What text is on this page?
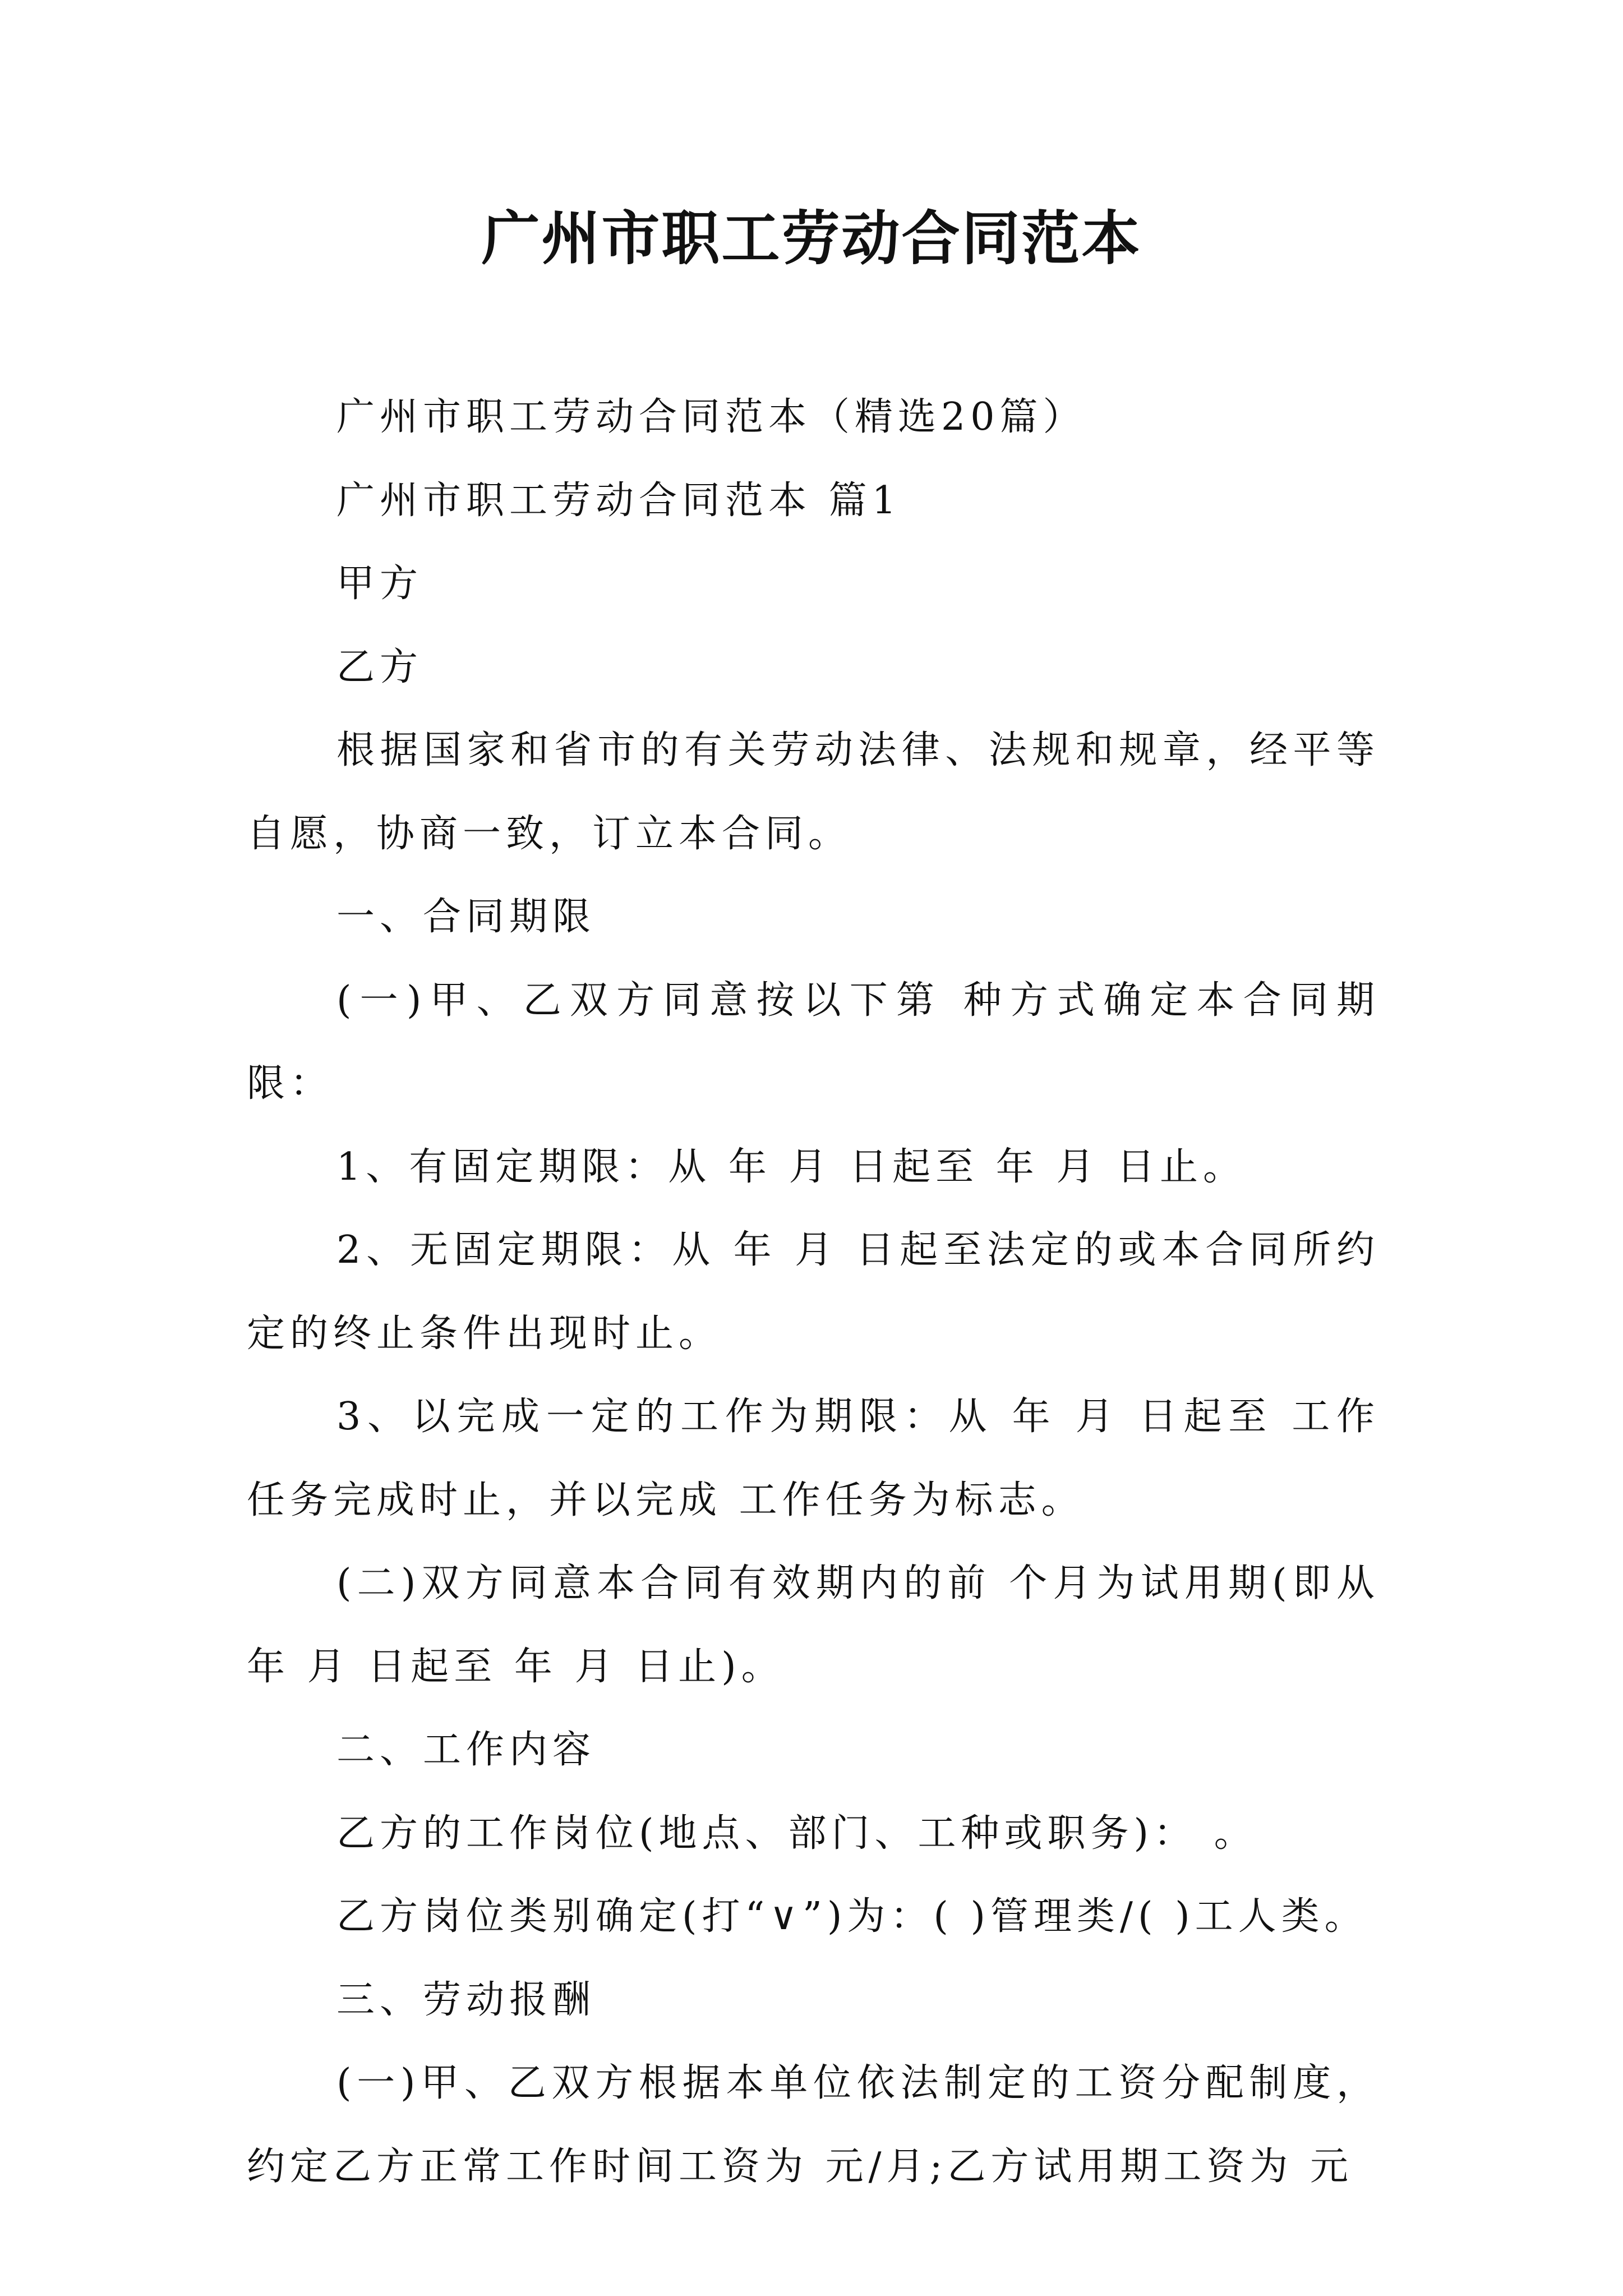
广州市职工劳动合同范本

广州市职工劳动合同范本（精选20篇）

广州市职工劳动合同范本 篇1

甲方

乙方

根据国家和省市的有关劳动法律、法规和规章，经平等自愿，协商一致，订立本合同。

一、合同期限

(一)甲、乙双方同意按以下第 种方式确定本合同期限：

1、有固定期限：从 年 月 日起至 年 月 日止。

2、无固定期限：从 年 月 日起至法定的或本合同所约定的终止条件出现时止。

3、以完成一定的工作为期限：从 年 月 日起至 工作任务完成时止，并以完成 工作任务为标志。

(二)双方同意本合同有效期内的前 个月为试用期(即从 年 月 日起至 年 月 日止)。

二、工作内容

乙方的工作岗位(地点、部门、工种或职务)： 。

乙方岗位类别确定(打“∨”)为：( )管理类/( )工人类。

三、劳动报酬

(一)甲、乙双方根据本单位依法制定的工资分配制度，约定乙方正常工作时间工资为 元/月;乙方试用期工资为 元
